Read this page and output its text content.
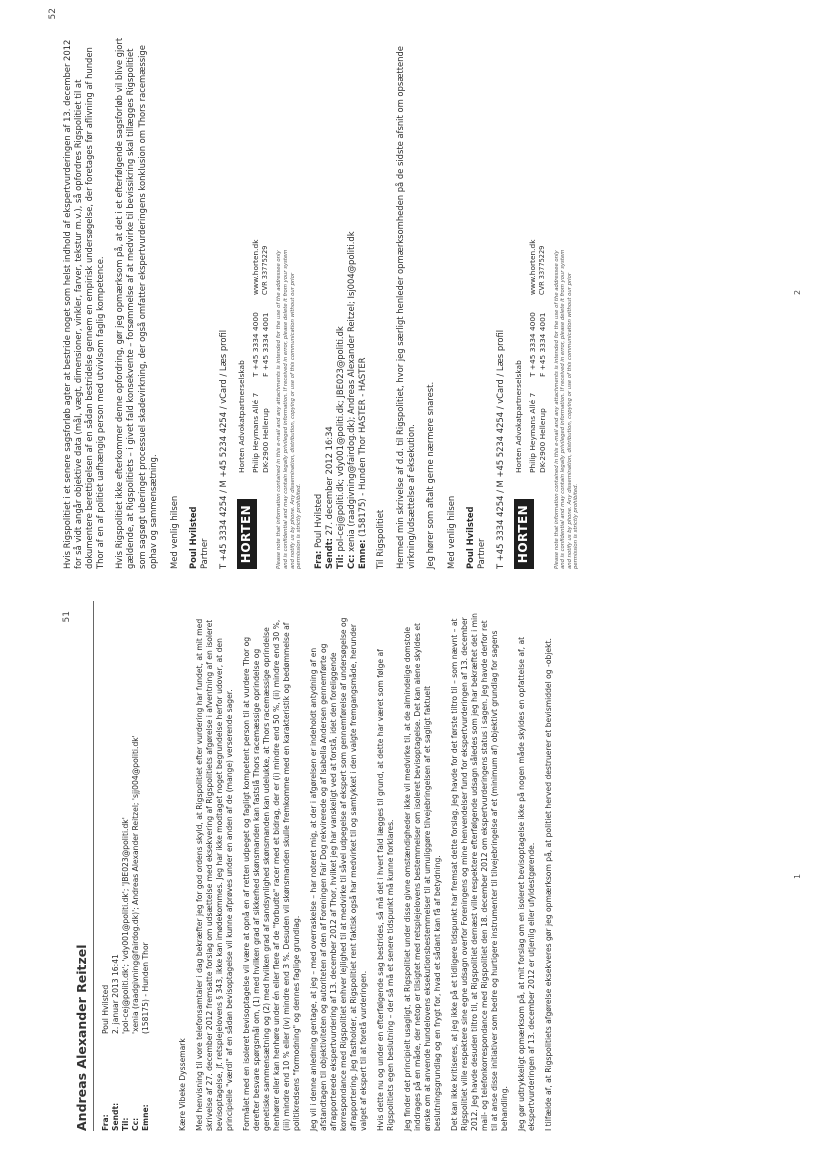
51
Andreas Alexander Reitzel Fra:
Poul Hvilsted
Sendt:
2. januar 2013 16:41
Til:
'pol-cej@politi.dk'; 'vdy001@politi.dk'; 'JBE023@politi.dk'
Cc:
'xenia (raadgivning@fairdog.dk)'; Andreas Alexander Reitzel; 'sjj004@politi.dk'
Emne:
(158175) - Hunden Thor

Kære Vibeke Dyssemark Med henvisning til vore telefonsamtaler i dag bekræfter jeg for god ordens skyld, at Rigspolitiet efter vurdering har fundet, at mit med skrivelse af 27. december 2012 fremsatte forslag om udsættelse med eksekvering af Rigspolitiets afgørelse i afventning af en isoleret bevisoptagelse, jf. retsplejelovens § 343, ikke kan imødekommes. Jeg har ikke modtaget noget begrundelse herfor udover, at den principielle "værdi" af en sådan bevisoptagelse vil kunne afprøves under en anden af de (mange) verserende sager. Formålet med en isoleret bevisoptagelse vil være at opnå en af retten udpeget og fagligt kompetent person til at vurdere Thor og derefter besvare spørgsmål om, (1) med hvilken grad af sikkerhed skønsmanden kan fastslå Thors racemæssige oprindelse og genetiske sammensætning og (2) med hvilken grad af sandsynlighed skønsmanden kan udelukke, at Thors racemæssige oprindelse henhører eller kan henhøre under én eller flere af de "forbudte" racer med et bidrag, der er (i) mindre end 50 %, (ii) mindre end 30 %, (iii) mindre end 10 % eller (iv) mindre end 3 %. Desuden vil skønsmanden skulle fremkomme med en karakteristik og bedømmelse af politikredsens "formodning" og dennes faglige grundlag. Jeg vil i denne anledning gentage, at jeg – med overraskelse – har noteret mig, at der i afgørelsen er indeholdt antydning af en afstandtagen til objektiviteten og autoriteten af den af Foreningen Fair Dog rekvirerede og af Isabella Andersen gennemførte og afrapporterede ekspertvurdering af 13. december 2012 af Thor, hvilket jeg har vanskeligt ved at forstå, idet den foreliggende korrespondance med Rigspolitiet enhver lejlighed til at medvirke til såvel udpegelse af ekspert som gennemførelse af undersøgelse og afrapportering. Jeg fastholder, at Rigspolitiet rent faktisk også har medvirket til og samtykket i den valgte fremgangsmåde, herunder valget af ekspert til at foretå vurderingen. Hvis dette nu og under en efterfølgende sag bestrides, så må det i hvert fald lægges til grund, at dette har været som følge af Rigspolitiets egen beslutning – der så må et senere tidspunkt må kunne forklares. Jeg finder det principielt usagligt, at Rigspolitiet under disse givne omstændigheder ikke vil medvirke til, at de almindelige domstole inddrages på en måde, der netop er tilsigtet med retsplejelovens bestemmelser om isoleret bevisoptagelse. Det kan alene skyldes et ønske om at anvende hundelovens eksekutionsbestemmelser til at umuliggøre tilvejebringelsen af et sagligt faktuelt beslutningsgrundlag og en frygt for, hvad et sådant kan få af betydning. Det kan ikke kritiseres, at jeg ikke på et tidligere tidspunkt har fremsat dette forslag. Jeg havde for det første tiltro til – som nævnt – at Rigspolitiet ville respektere sine egne udsagn overfor Foreningens og mine henvendelser fund for ekspertvurderingen af 13. december 2012. Jeg havde desuden tiltro til, at Rigspolitiet dernæst ville respektere efterfølgende udsagn således som jeg har bekræftet det i min mail- og telefonkorrespondance med Rigspolitiet den 18. december 2012 om ekspertvurderingens status i sagen. Jeg havde derfor ret til at anse disse initiativer som bedre og hurtigere instrumenter til tilvejebringelse af et (minimum af) objektivt grundlag for sagens behandling. Jeg gør udtrykkeligt opmærksom på, at mit forslag om en isoleret bevisoptagelse ikke på nogen måde skyldes en opfattelse af, at ekspertvurderingen af 13. december 2012 er utjenlig eller ufyldestgørende. I tilfælde af, at Rigspolitiets afgørelse eksekveres gør jeg opmærksom på, at politiet herved destruerer et bevismiddel og -objekt.	1
52

Hvis Rigspolitiet i et senere sagsforløb agter at bestride noget som helst indhold af ekspertvurderingen af 13. december 2012 for så vidt angår objektive data (mål, vægt, dimensioner, vinkler, farver, tekstur m.v.), så opfordres Rigspolitiet til at dokumentere berettigelsen af en sådan bestridelse gennem en empirisk undersøgelse, der foretages før aflivning af hunden Thor af en af politiet uafhængig person med utvivlsom faglig kompetence. Hvis Rigspolitiet ikke efterkommer denne opfordring, gør jeg opmærksom på, at det i et efterfølgende sagsforløb vil blive gjort gældende, at Rigspolitiets – i givet fald konsekvente – forsømmelse af at medvirke til bevissikring skal tillægges Rigspolitiet som sagsøgt uberinget processuel skadevirkning, der også omfatter ekspertvurderingens konklusion om Thors racemæssige ophav og sammensætning. Med venlig hilsen Poul Hvilsted Partner T +45 3334 4254 / M +45 5234 4254 / vCard / Læs profil HORTEN
Horten Advokatpartnerselskab Philip Heymans Allé 7 DK-2900 Hellerup
T +45 3334 4000 F +45 3334 4001
www.horten.dk CVR 33775229 Please note that information contained in this e-mail and any attachments is intended for the use of the addressee only and is confidential and may contain legally privileged information. If received in error, please delete it from your system and notify us by phone. Any dissemination, distribution, copying or use of this communication without our prior permission is strictly prohibited. Fra: Poul Hvilsted
Sendt: 27. december 2012 16:34
Til: pol-cej@politi.dk; vdy001@politi.dk; JBE023@politi.dk
Cc: xenia (raadgivning@fairdog.dk); Andreas Alexander Reitzel; Isj004@politi.dk
Emne: (158175) - Hunden Thor HASTER - HASTER

Til Rigspolitiet Hermed min skrivelse af d.d. til Rigspolitiet, hvor jeg særligt henleder opmærksomheden på de sidste afsnit om opsættende virkning/udsættelse af eksekution. Jeg hører som aftalt gerne nærmere snarest. Med venlig hilsen Poul Hvilsted Partner T +45 3334 4254 / M +45 5234 4254 / vCard / Læs profil HORTEN
Horten Advokatpartnerselskab Philip Heymans Allé 7 DK-2900 Hellerup
T +45 3334 4000 F +45 3334 4001
www.horten.dk CVR 33775229 Please note that information contained in this e-mail and any attachments is intended for the use of the addressee only and is confidential and may contain legally privileged information. If received in error, please delete it from your system and notify us by phone. Any dissemination, distribution, copying or use of this communication without our prior permission is strictly prohibited.
2
